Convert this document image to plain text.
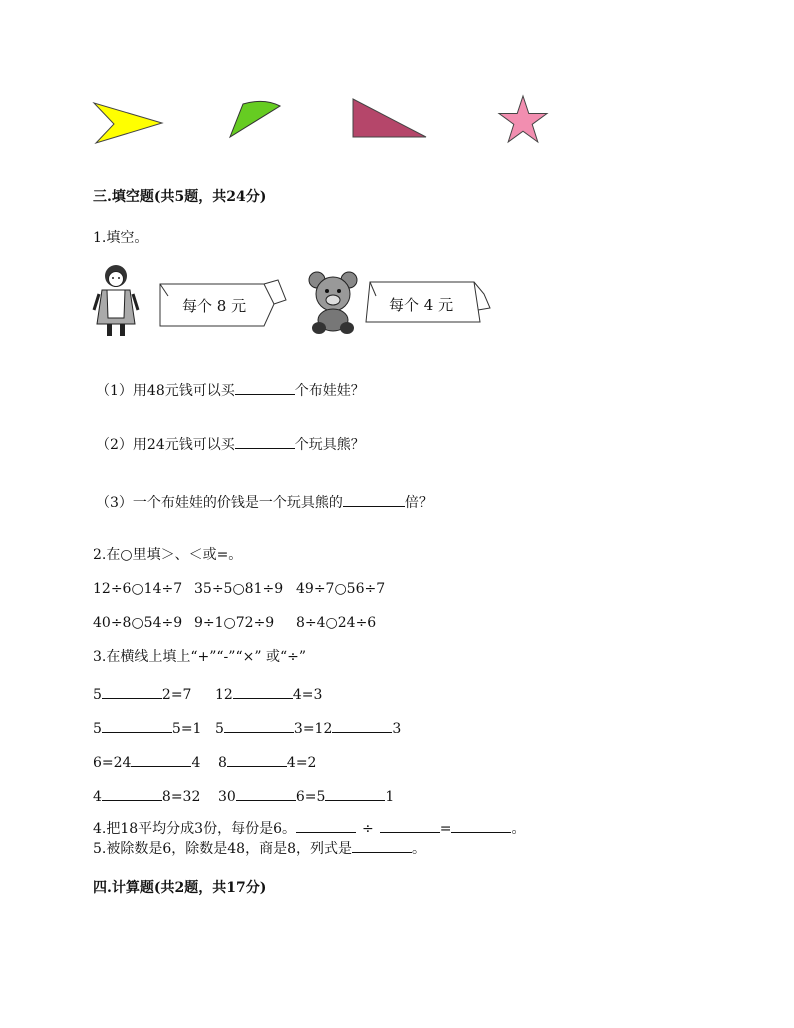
三.填空题(共5题，共24分)
1.填空。
每个 8 元	每个 4 元
（1）用48元钱可以买	个布娃娃？
（2）用24元钱可以买	个玩具熊？
（3）一个布娃娃的价钱是一个玩具熊的	倍？
2.在○里填＞、＜或=。
12÷6○14÷7 35÷5○81÷9 49÷7○56÷7
40÷8○54÷9 9÷1○72÷9 8÷4○24÷6
3.在横线上填上“+”“-”“×” 或“÷”
5	2=7 12	4=3
5	5=1 5	3=12	3
6=24	4 8	4=2
4	8=32 30	6=5	1
4.把18平均分成3份，每份是6。	÷	=	。
5.被除数是6，除数是48，商是8，列式是	。
四.计算题(共2题，共17分)
